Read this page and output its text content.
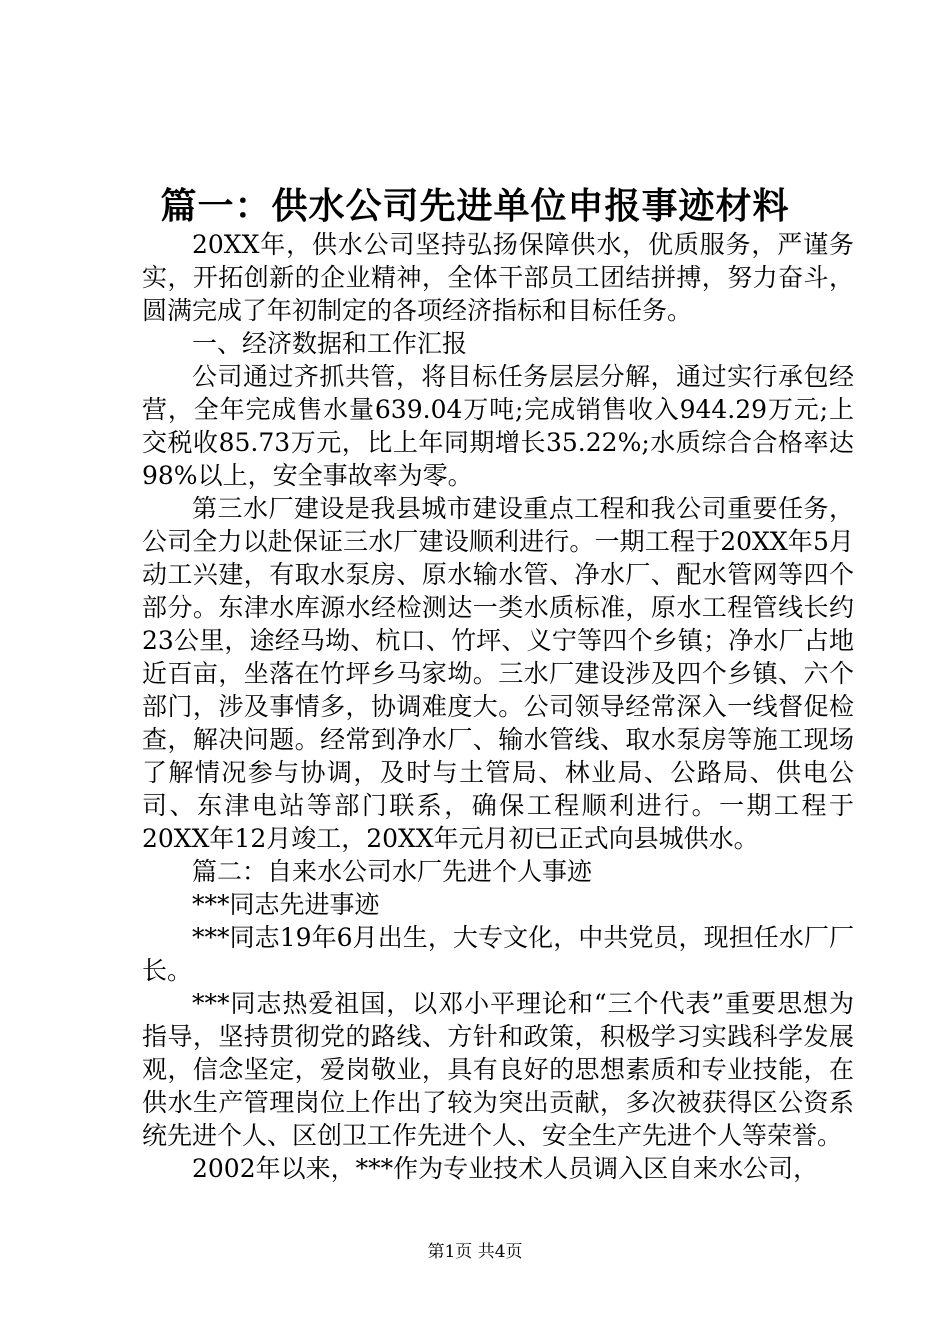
篇一：供水公司先进单位申报事迹材料

20XX年，供水公司坚持弘扬保障供水，优质服务，严谨务实，开拓创新的企业精神，全体干部员工团结拼搏，努力奋斗，圆满完成了年初制定的各项经济指标和目标任务。

一、经济数据和工作汇报

公司通过齐抓共管，将目标任务层层分解，通过实行承包经营，全年完成售水量639.04万吨;完成销售收入944.29万元;上交税收85.73万元，比上年同期增长35.22%;水质综合合格率达98%以上，安全事故率为零。

第三水厂建设是我县城市建设重点工程和我公司重要任务，公司全力以赴保证三水厂建设顺利进行。一期工程于20XX年5月动工兴建，有取水泵房、原水输水管、净水厂、配水管网等四个部分。东津水库源水经检测达一类水质标准，原水工程管线长约23公里，途经马坳、杭口、竹坪、义宁等四个乡镇；净水厂占地近百亩，坐落在竹坪乡马家坳。三水厂建设涉及四个乡镇、六个部门，涉及事情多，协调难度大。公司领导经常深入一线督促检查，解决问题。经常到净水厂、输水管线、取水泵房等施工现场了解情况参与协调，及时与土管局、林业局、公路局、供电公司、东津电站等部门联系，确保工程顺利进行。一期工程于20XX年12月竣工，20XX年元月初已正式向县城供水。

篇二：自来水公司水厂先进个人事迹

***同志先进事迹

***同志19年6月出生，大专文化，中共党员，现担任水厂厂长。

***同志热爱祖国，以邓小平理论和“三个代表”重要思想为指导，坚持贯彻党的路线、方针和政策，积极学习实践科学发展观，信念坚定，爱岗敬业，具有良好的思想素质和专业技能，在供水生产管理岗位上作出了较为突出贡献，多次被获得区公资系统先进个人、区创卫工作先进个人、安全生产先进个人等荣誉。

2002年以来，***作为专业技术人员调入区自来水公司，

第1页 共4页
